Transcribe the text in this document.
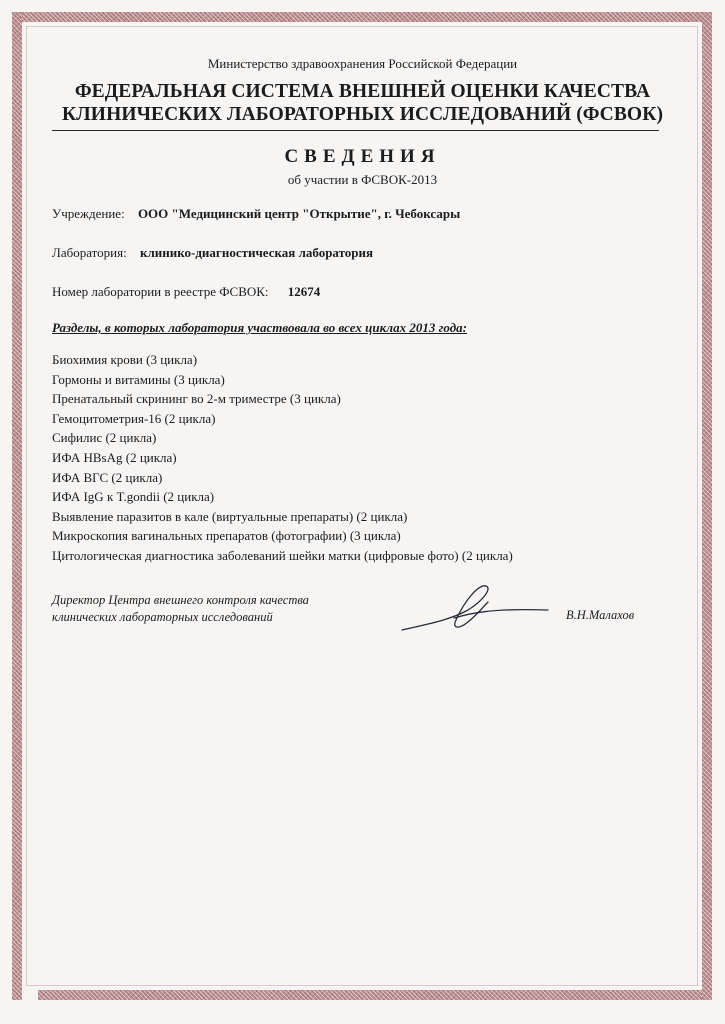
Министерство здравоохранения Российской Федерации
ФЕДЕРАЛЬНАЯ СИСТЕМА ВНЕШНЕЙ ОЦЕНКИ КАЧЕСТВА
КЛИНИЧЕСКИХ ЛАБОРАТОРНЫХ ИССЛЕДОВАНИЙ (ФСВОК)
СВЕДЕНИЯ
об участии в ФСВОК-2013
Учреждение: ООО "Медицинский центр "Открытие", г. Чебоксары
Лаборатория: клинико-диагностическая лаборатория
Номер лаборатории в реестре ФСВОК: 12674
Разделы, в которых лаборатория участвовала во всех циклах 2013 года:
Биохимия крови (3 цикла)
Гормоны и витамины (3 цикла)
Пренатальный скрининг во 2-м триместре (3 цикла)
Гемоцитометрия-16 (2 цикла)
Сифилис (2 цикла)
ИФА HBsAg (2 цикла)
ИФА ВГС (2 цикла)
ИФА IgG к T.gondii (2 цикла)
Выявление паразитов в кале (виртуальные препараты) (2 цикла)
Микроскопия вагинальных препаратов (фотографии) (3 цикла)
Цитологическая диагностика заболеваний шейки матки (цифровые фото) (2 цикла)
Директор Центра внешнего контроля качества
клинических лабораторных исследований	В.Н.Малахов
